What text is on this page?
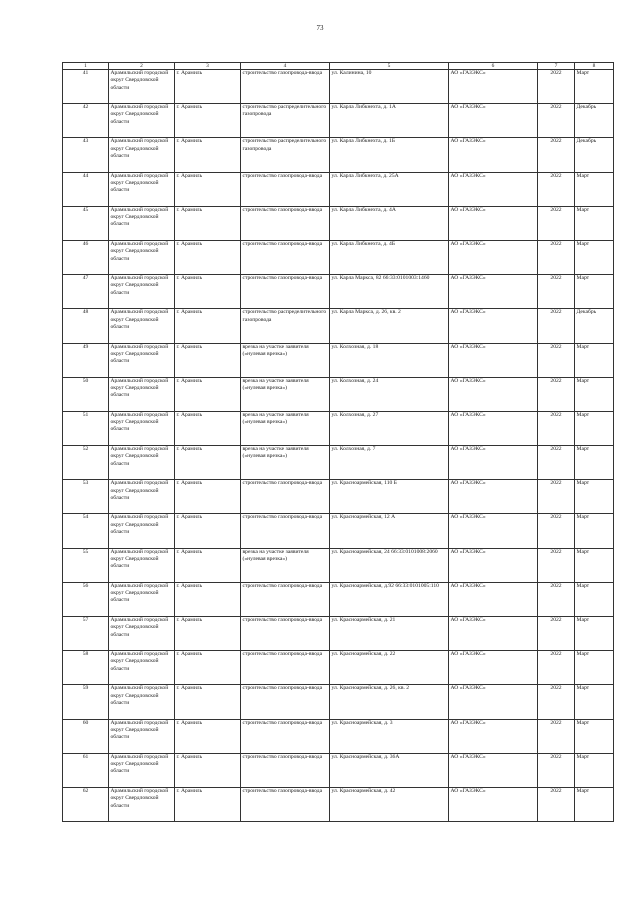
73
1	2	3	4	5	6	7	8
41	Арамильский городской округ Свердловской области	г. Арамиль	строительство газопровода-ввода	ул. Калинина, 10	АО «ГАЗЭКС»	2022	Март
42	Арамильский городской округ Свердловской области	г. Арамиль	строительство распределительного газопровода	ул. Карла Либкнехта, д. 1А	АО «ГАЗЭКС»	2022	Декабрь
43	Арамильский городской округ Свердловской области	г. Арамиль	строительство распределительного газопровода	ул. Карла Либкнехта, д. 1Б	АО «ГАЗЭКС»	2022	Декабрь
44	Арамильский городской округ Свердловской области	г. Арамиль	строительство газопровода-ввода	ул. Карла Либкнехта, д. 25А	АО «ГАЗЭКС»	2022	Март
45	Арамильский городской округ Свердловской области	г. Арамиль	строительство газопровода-ввода	ул. Карла Либкнехта, д. 4А	АО «ГАЗЭКС»	2022	Март
46	Арамильский городской округ Свердловской области	г. Арамиль	строительство газопровода-ввода	ул. Карла Либкнехта, д. 4Б	АО «ГАЗЭКС»	2022	Март
47	Арамильский городской округ Свердловской области	г. Арамиль	строительство газопровода-ввода	ул. Карла Маркса, 82 66:33:0101003:1460	АО «ГАЗЭКС»	2022	Март
48	Арамильский городской округ Свердловской области	г. Арамиль	строительство распределительного газопровода	ул. Карла Маркса, д. 26, кв. 2	АО «ГАЗЭКС»	2022	Декабрь
49	Арамильский городской округ Свердловской области	г. Арамиль	врезка на участке заявителя («нулевая врезка»)	ул. Колхозная, д. 18	АО «ГАЗЭКС»	2022	Март
50	Арамильский городской округ Свердловской области	г. Арамиль	врезка на участке заявителя («нулевая врезка»)	ул. Колхозная, д. 24	АО «ГАЗЭКС»	2022	Март
51	Арамильский городской округ Свердловской области	г. Арамиль	врезка на участке заявителя («нулевая врезка»)	ул. Колхозная, д. 27	АО «ГАЗЭКС»	2022	Март
52	Арамильский городской округ Свердловской области	г. Арамиль	врезка на участке заявителя («нулевая врезка»)	ул. Колхозная, д. 7	АО «ГАЗЭКС»	2022	Март
53	Арамильский городской округ Свердловской области	г. Арамиль	строительство газопровода-ввода	ул. Красноармейская, 110 Б	АО «ГАЗЭКС»	2022	Март
54	Арамильский городской округ Свердловской области	г. Арамиль	строительство газопровода-ввода	ул. Красноармейская, 12 А	АО «ГАЗЭКС»	2022	Март
55	Арамильский городской округ Свердловской области	г. Арамиль	врезка на участке заявителя («нулевая врезка»)	ул. Красноармейская, 24 66:33:0101008:2060	АО «ГАЗЭКС»	2022	Март
56	Арамильский городской округ Свердловской области	г. Арамиль	строительство газопровода-ввода	ул. Красноармейская, д.92 66:33:0101005:110	АО «ГАЗЭКС»	2022	Март
57	Арамильский городской округ Свердловской области	г. Арамиль	строительство газопровода-ввода	ул. Красноармейская, д. 21	АО «ГАЗЭКС»	2022	Март
58	Арамильский городской округ Свердловской области	г. Арамиль	строительство газопровода-ввода	ул. Красноармейская, д. 22	АО «ГАЗЭКС»	2022	Март
59	Арамильский городской округ Свердловской области	г. Арамиль	строительство газопровода-ввода	ул. Красноармейская, д. 26, кв. 2	АО «ГАЗЭКС»	2022	Март
60	Арамильский городской округ Свердловской области	г. Арамиль	строительство газопровода-ввода	ул. Красноармейская, д. 3	АО «ГАЗЭКС»	2022	Март
61	Арамильский городской округ Свердловской области	г. Арамиль	строительство газопровода-ввода	ул. Красноармейская, д. 36А	АО «ГАЗЭКС»	2022	Март
62	Арамильский городской округ Свердловской области	г. Арамиль	строительство газопровода-ввода	ул. Красноармейская, д. 42	АО «ГАЗЭКС»	2022	Март
